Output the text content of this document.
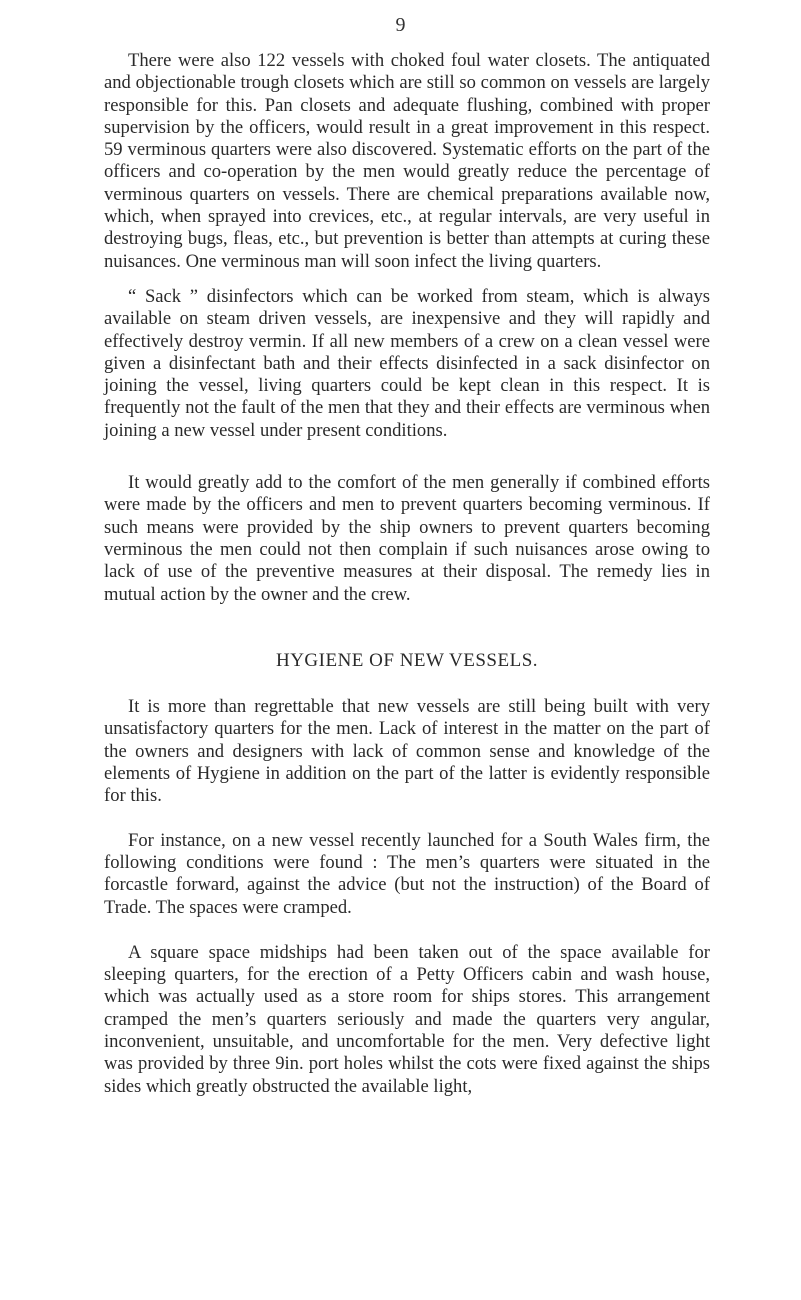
9

There were also 122 vessels with choked foul water closets. The antiquated and objectionable trough closets which are still so common on vessels are largely responsible for this. Pan closets and adequate flushing, combined with proper supervision by the officers, would result in a great improvement in this respect. 59 verminous quarters were also discovered. Systematic efforts on the part of the officers and co-operation by the men would greatly reduce the percentage of verminous quarters on vessels. There are chemical preparations available now, which, when sprayed into crevices, etc., at regular intervals, are very useful in destroying bugs, fleas, etc., but prevention is better than attempts at curing these nuisances. One verminous man will soon infect the living quarters.

“ Sack ” disinfectors which can be worked from steam, which is always available on steam driven vessels, are inexpensive and they will rapidly and effectively destroy vermin. If all new members of a crew on a clean vessel were given a disinfectant bath and their effects disinfected in a sack disinfector on joining the vessel, living quarters could be kept clean in this respect. It is frequently not the fault of the men that they and their effects are verminous when joining a new vessel under present conditions.

It would greatly add to the comfort of the men generally if combined efforts were made by the officers and men to prevent quarters becoming verminous. If such means were provided by the ship owners to prevent quarters becoming verminous the men could not then complain if such nuisances arose owing to lack of use of the preventive measures at their disposal. The remedy lies in mutual action by the owner and the crew.

HYGIENE OF NEW VESSELS.

It is more than regrettable that new vessels are still being built with very unsatisfactory quarters for the men. Lack of interest in the matter on the part of the owners and designers with lack of common sense and knowledge of the elements of Hygiene in addition on the part of the latter is evidently responsible for this.

For instance, on a new vessel recently launched for a South Wales firm, the following conditions were found : The men’s quarters were situated in the forcastle forward, against the advice (but not the instruction) of the Board of Trade. The spaces were cramped.

A square space midships had been taken out of the space available for sleeping quarters, for the erection of a Petty Officers cabin and wash house, which was actually used as a store room for ships stores. This arrangement cramped the men’s quarters seriously and made the quarters very angular, inconvenient, unsuitable, and uncomfortable for the men. Very defective light was provided by three 9in. port holes whilst the cots were fixed against the ships sides which greatly obstructed the available light,
